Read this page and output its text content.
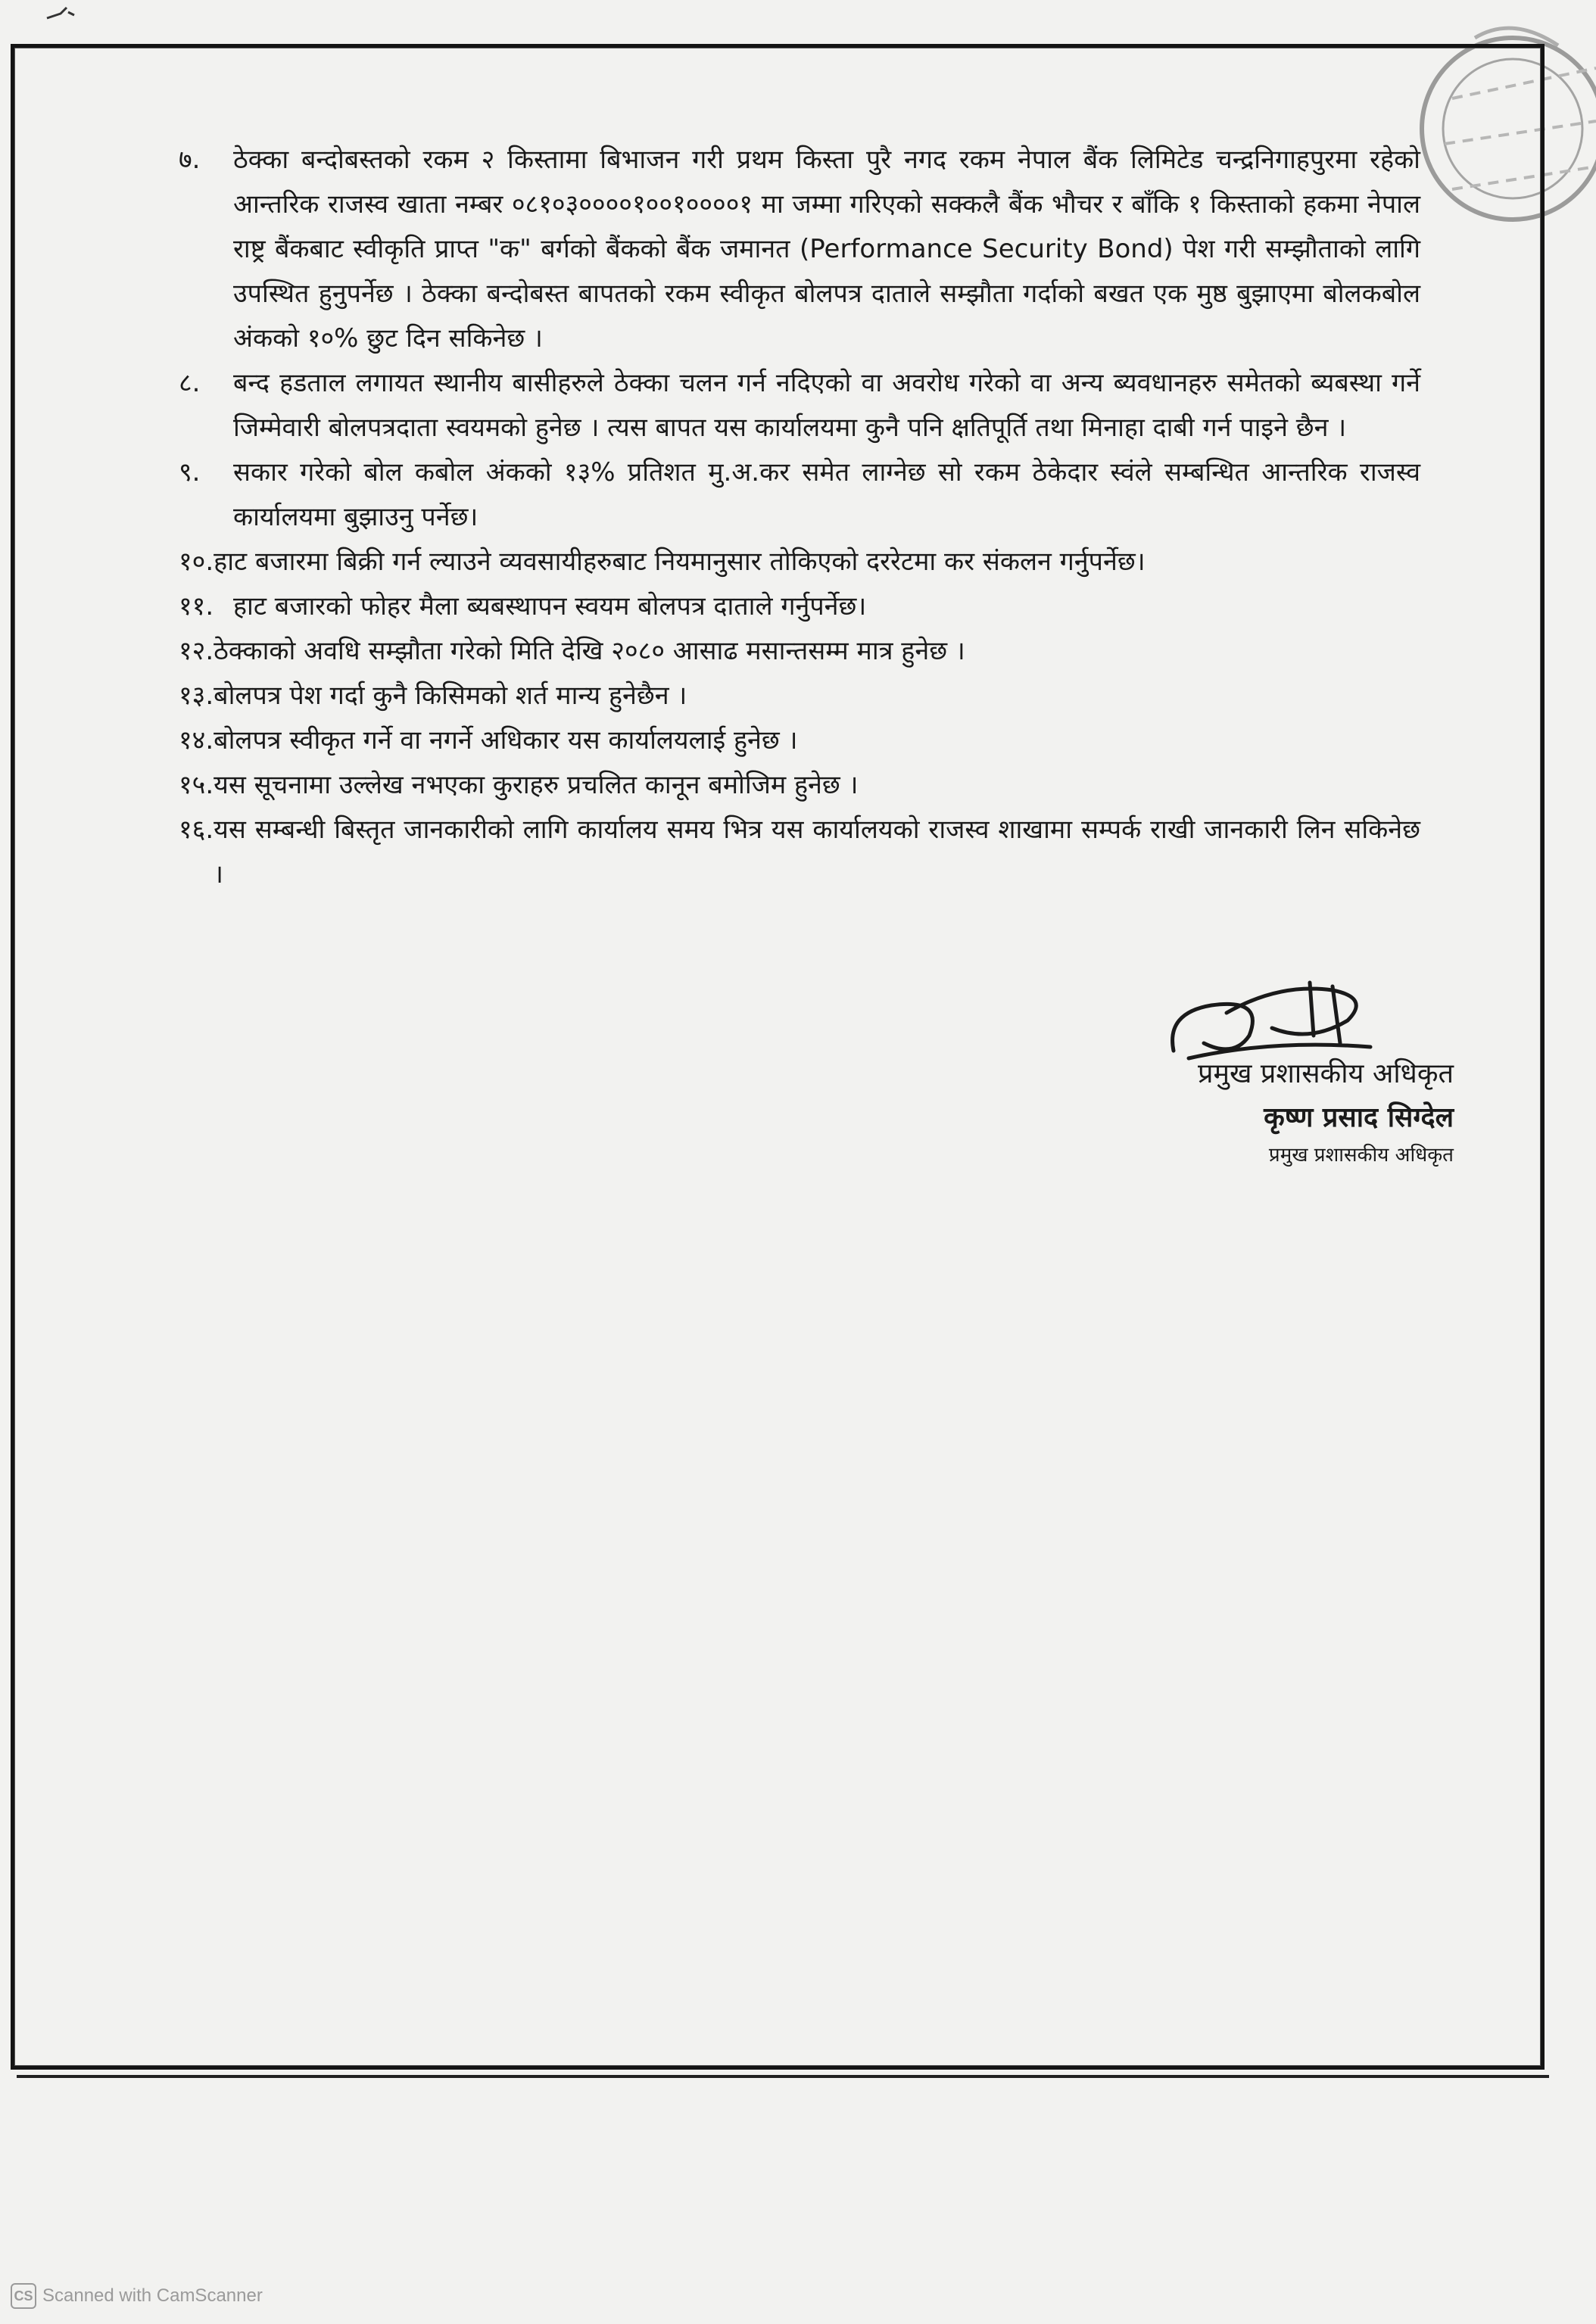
७.	ठेक्का बन्दोबस्तको रकम २ किस्तामा बिभाजन गरी प्रथम किस्ता पुरै नगद रकम नेपाल बैंक लिमिटेड चन्द्रनिगाहपुरमा रहेको आन्तरिक राजस्व खाता नम्बर ०८१०३००००१००१००००१ मा जम्मा गरिएको सक्कलै बैंक भौचर र बाँकि १ किस्ताको हकमा नेपाल राष्ट्र बैंकबाट स्वीकृति प्राप्त "क" बर्गको बैंकको बैंक जमानत (Performance Security Bond) पेश गरी सम्झौताको लागि उपस्थित हुनुपर्नेछ । ठेक्का बन्दोबस्त बापतको रकम स्वीकृत बोलपत्र दाताले सम्झौता गर्दाको बखत एक मुष्ठ बुझाएमा बोलकबोल अंकको १०% छुट दिन सकिनेछ ।
८.	बन्द हडताल लगायत स्थानीय बासीहरुले ठेक्का चलन गर्न नदिएको वा अवरोध गरेको वा अन्य ब्यवधानहरु समेतको ब्यबस्था गर्ने जिम्मेवारी बोलपत्रदाता स्वयमको हुनेछ । त्यस बापत यस कार्यालयमा कुनै पनि क्षतिपूर्ति तथा मिनाहा दाबी गर्न पाइने छैन ।
९.	सकार गरेको बोल कबोल अंकको १३% प्रतिशत मु.अ.कर समेत लाग्नेछ सो रकम ठेकेदार स्वंले सम्बन्धित आन्तरिक राजस्व कार्यालयमा बुझाउनु पर्नेछ।
१०. हाट बजारमा बिक्री गर्न ल्याउने व्यवसायीहरुबाट नियमानुसार तोकिएको दररेटमा कर संकलन गर्नुपर्नेछ।
११. हाट बजारको फोहर मैला ब्यबस्थापन स्वयम बोलपत्र दाताले गर्नुपर्नेछ।
१२. ठेक्काको अवधि सम्झौता गरेको मिति देखि २०८० आसाढ मसान्तसम्म मात्र हुनेछ ।
१३. बोलपत्र पेश गर्दा कुनै किसिमको शर्त मान्य हुनेछैन ।
१४. बोलपत्र स्वीकृत गर्ने वा नगर्ने अधिकार यस कार्यालयलाई हुनेछ ।
१५. यस सूचनामा उल्लेख नभएका कुराहरु प्रचलित कानून बमोजिम हुनेछ ।
१६. यस सम्बन्धी बिस्तृत जानकारीको लागि कार्यालय समय भित्र यस कार्यालयको राजस्व शाखामा सम्पर्क राखी जानकारी लिन सकिनेछ ।
प्रमुख प्रशासकीय अधिकृत
कृष्ण प्रसाद सिग्देल
प्रमुख प्रशासकीय अधिकृत
CS Scanned with CamScanner
